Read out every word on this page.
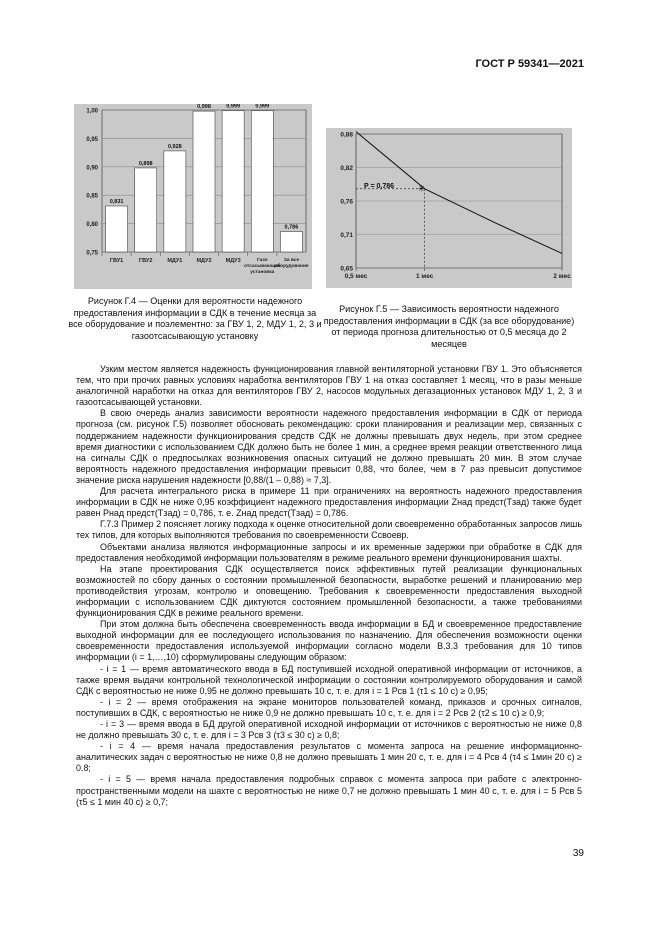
ГОСТ Р 59341—2021
1,00
0,95
0,90
0,85
0,80
0,75
0,831
ГВУ1
0,898
ГВУ2
0,928
МДУ1
0,998
МДУ2
0,999
МДУ3
0,999
Газо отсасывающая установка
0,786
За все оборудование
Рисунок Г.4 — Оценки для вероятности надежного предоставления информации в СДК в течение месяца за все оборудование и поэлементно: за ГВУ 1, 2, МДУ 1, 2, 3 и газоотсасывающую установку
0,88
0,82
0,76
0,71
0,65
0,5 мес	1 мес	2 мес
✳
P = 0,786
Рисунок Г.5 — Зависимость вероятности надежного предоставления информации в СДК (за все оборудование) от периода прогноза длительностью от 0,5 месяца до 2 месяцев

Узким местом является надежность функционирования главной вентиляторной установки ГВУ 1. Это объясняется тем, что при прочих равных условиях наработка вентиляторов ГВУ 1 на отказ составляет 1 месяц, что в разы меньше аналогичной наработки на отказ для вентиляторов ГВУ 2, насосов модульных дегазационных установок МДУ 1, 2, 3 и газоотсасывающей установки.

В свою очередь анализ зависимости вероятности надежного предоставления информации в СДК от периода прогноза (см. рисунок Г.5) позволяет обосновать рекомендацию: сроки планирования и реализации мер, связанных с поддержанием надежности функционирования средств СДК не должны превышать двух недель, при этом среднее время диагностики с использованием СДК должно быть не более 1 мин, а среднее время реакции ответственного лица на сигналы СДК о предпосылках возникновения опасных ситуаций не должно превышать 20 мин. В этом случае вероятность надежного предоставления информации превысит 0,88, что более, чем в 7 раз превысит допустимое значение риска нарушения надежности [0,88/(1 – 0,88) ≈ 7,3].

Для расчета интегрального риска в примере 11 при ограничениях на вероятность надежного предоставления информации в СДК не ниже 0,95 коэффициент надежного предоставления информации Zнад предст(Tзад) также будет равен Pнад предст(Tзад) = 0,786, т. е. Zнад предст(Tзад) = 0,786.

Г.7.3 Пример 2 поясняет логику подхода к оценке относительной доли своевременно обработанных запросов лишь тех типов, для которых выполняются требования по своевременности Cсвоевр.

Объектами анализа являются информационные запросы и их временные задержки при обработке в СДК для предоставления необходимой информации пользователям в режиме реального времени функционирования шахты.

На этапе проектирования СДК осуществляется поиск эффективных путей реализации функциональных возможностей по сбору данных о состоянии промышленной безопасности, выработке решений и планированию мер противодействия угрозам, контролю и оповещению. Требования к своевременности предоставления выходной информации с использованием СДК диктуются состоянием промышленной безопасности, а также требованиями функционирования СДК в режиме реального времени.

При этом должна быть обеспечена своевременность ввода информации в БД и своевременное предоставление выходной информации для ее последующего использования по назначению. Для обеспечения возможности оценки своевременности предоставления используемой информации согласно модели В.3.3 требования для 10 типов информации (i = 1,…,10) сформулированы следующим образом:

- i = 1 — время автоматического ввода в БД поступившей исходной оперативной информации от источников, а также время выдачи контрольной технологической информации о состоянии контролируемого оборудования и самой СДК с вероятностью не ниже 0,95 не должно превышать 10 с, т. е. для i = 1 Pсв 1 (τ1 ≤ 10 с) ≥ 0,95;

- i = 2 — время отображения на экране мониторов пользователей команд, приказов и срочных сигналов, поступивших в СДК, с вероятностью не ниже 0,9 не должно превышать 10 с, т. е. для i = 2 Pсв 2 (τ2 ≤ 10 с) ≥ 0,9;

- i = 3 — время ввода в БД другой оперативной исходной информации от источников с вероятностью не ниже 0,8 не должно превышать 30 с, т. е. для i = 3 Pсв 3 (τ3 ≤ 30 с) ≥ 0,8;

- i = 4 — время начала предоставления результатов с момента запроса на решение информационно-аналитических задач с вероятностью не ниже 0,8 не должно превышать 1 мин 20 с, т. е. для i = 4 Pсв 4 (τ4 ≤ 1мин 20 с) ≥ 0.8;

- i = 5 — время начала предоставления подробных справок с момента запроса при работе с электронно-пространственными модели на шахте с вероятностью не ниже 0,7 не должно превышать 1 мин 40 с, т. е. для i = 5 Pсв 5 (τ5 ≤ 1 мин 40 с) ≥ 0,7;

39
